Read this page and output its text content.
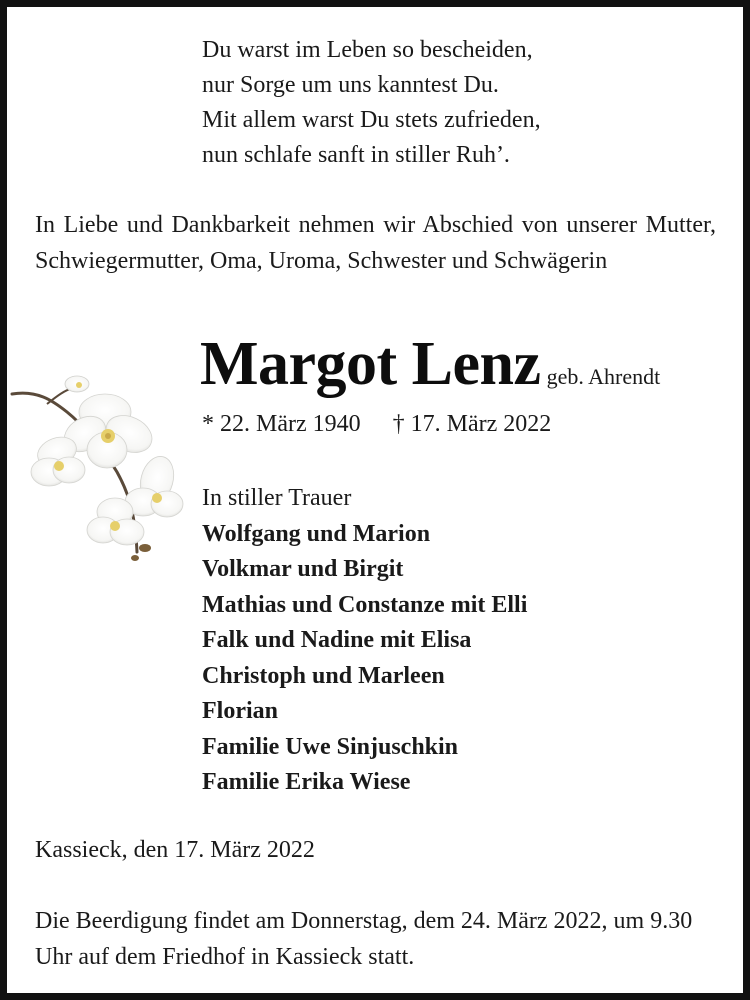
Du warst im Leben so bescheiden,
nur Sorge um uns kanntest Du.
Mit allem warst Du stets zufrieden,
nun schlafe sanft in stiller Ruh’.
In Liebe und Dankbarkeit nehmen wir Abschied von unserer Mutter, Schwiegermutter, Oma, Uroma, Schwester und Schwägerin
Margot Lenz geb. Ahrendt
* 22. März 1940 † 17. März 2022
In stiller Trauer
Wolfgang und Marion
Volkmar und Birgit
Mathias und Constanze mit Elli
Falk und Nadine mit Elisa
Christoph und Marleen
Florian
Familie Uwe Sinjuschkin
Familie Erika Wiese
Kassieck, den 17. März 2022
Die Beerdigung findet am Donnerstag, dem 24. März 2022, um 9.30 Uhr auf dem Friedhof in Kassieck statt.
